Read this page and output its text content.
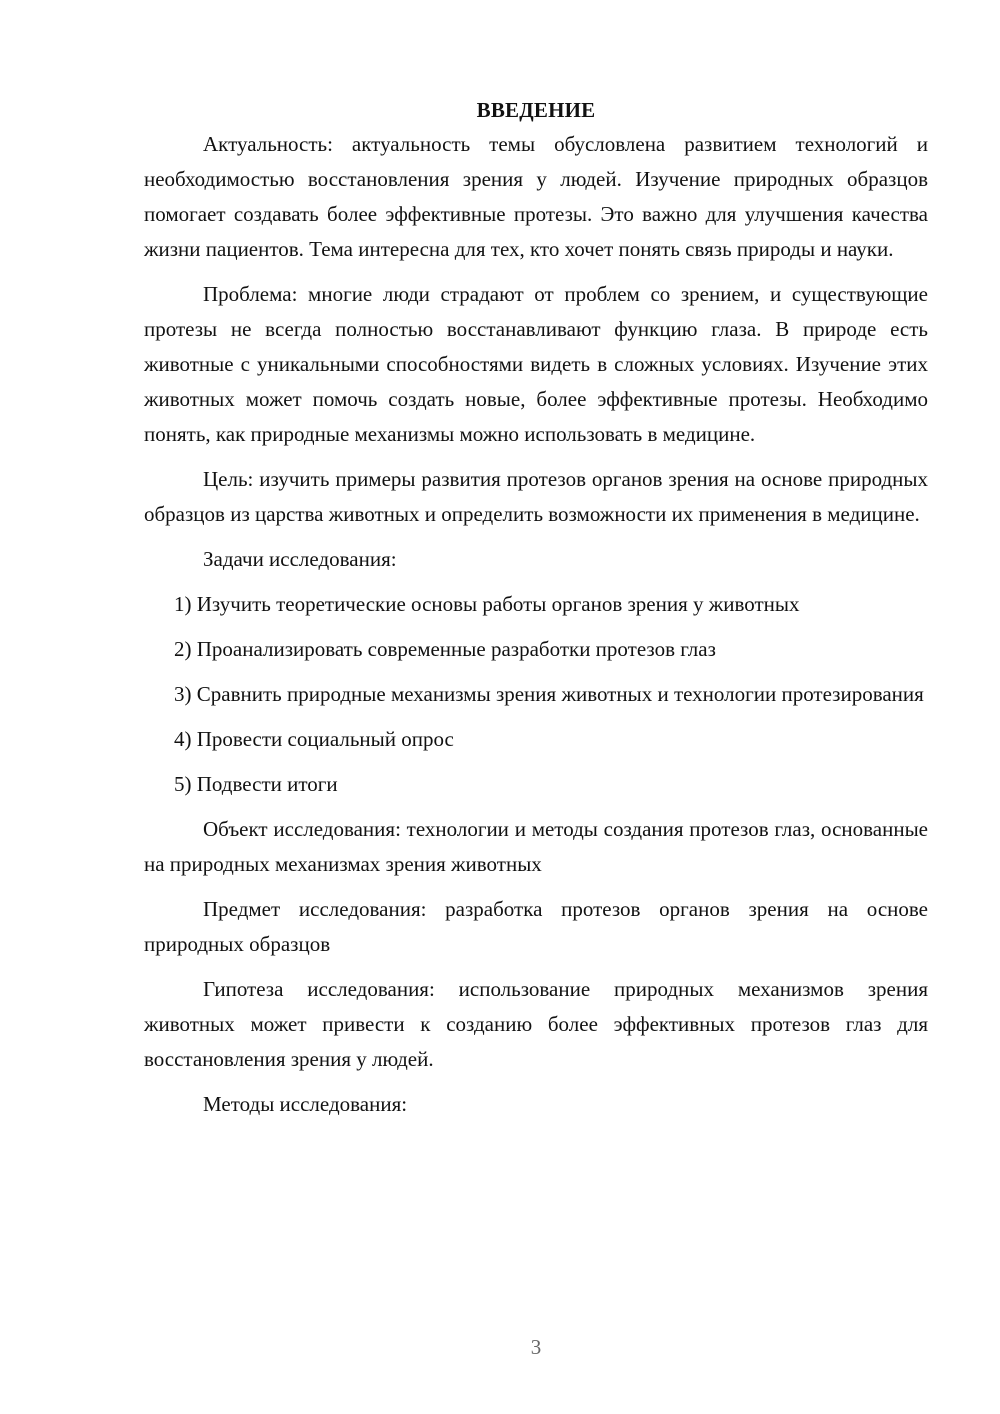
ВВЕДЕНИЕ

Актуальность: актуальность темы обусловлена развитием технологий и необходимостью восстановления зрения у людей. Изучение природных образцов помогает создавать более эффективные протезы. Это важно для улучшения качества жизни пациентов. Тема интересна для тех, кто хочет понять связь природы и науки.

Проблема: многие люди страдают от проблем со зрением, и существующие протезы не всегда полностью восстанавливают функцию глаза. В природе есть животные с уникальными способностями видеть в сложных условиях. Изучение этих животных может помочь создать новые, более эффективные протезы. Необходимо понять, как природные механизмы можно использовать в медицине.

Цель: изучить примеры развития протезов органов зрения на основе природных образцов из царства животных и определить возможности их применения в медицине.

Задачи исследования:

1) Изучить теоретические основы работы органов зрения у животных

2) Проанализировать современные разработки протезов глаз

3) Сравнить природные механизмы зрения животных и технологии протезирования

4) Провести социальный опрос

5) Подвести итоги

Объект исследования: технологии и методы создания протезов глаз, основанные на природных механизмах зрения животных

Предмет исследования: разработка протезов органов зрения на основе природных образцов

Гипотеза исследования: использование природных механизмов зрения животных может привести к созданию более эффективных протезов глаз для восстановления зрения у людей.

Методы исследования:

3
